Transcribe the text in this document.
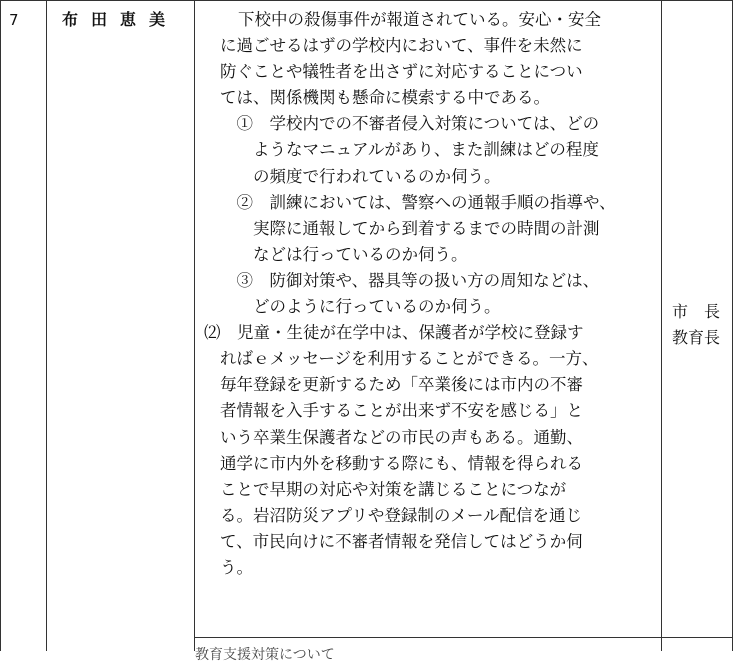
7	布田恵美	下校中の殺傷事件が報道されている。安心・安全
に過ごせるはずの学校内において、事件を未然に
防ぐことや犠牲者を出さずに対応することについ
ては、関係機関も懸命に模索する中である。
　①　学校内での不審者侵入対策については、どの
　　ようなマニュアルがあり、また訓練はどの程度
　　の頻度で行われているのか伺う。
　②　訓練においては、警察への通報手順の指導や、
　　実際に通報してから到着するまでの時間の計測
　　などは行っているのか伺う。
　③　防御対策や、器具等の扱い方の周知などは、
　　どのように行っているのか伺う。
⑵　児童・生徒が在学中は、保護者が学校に登録す
ればｅメッセージを利用することができる。一方、
毎年登録を更新するため「卒業後には市内の不審
者情報を入手することが出来ず不安を感じる」と
いう卒業生保護者などの市民の声もある。通勤、
通学に市内外を移動する際にも、情報を得られる
ことで早期の対応や対策を講じることにつなが
る。岩沼防災アプリや登録制のメール配信を通じ
て、市民向けに不審者情報を発信してはどうか伺
う。
市　長
教育長
教育支援対策について
